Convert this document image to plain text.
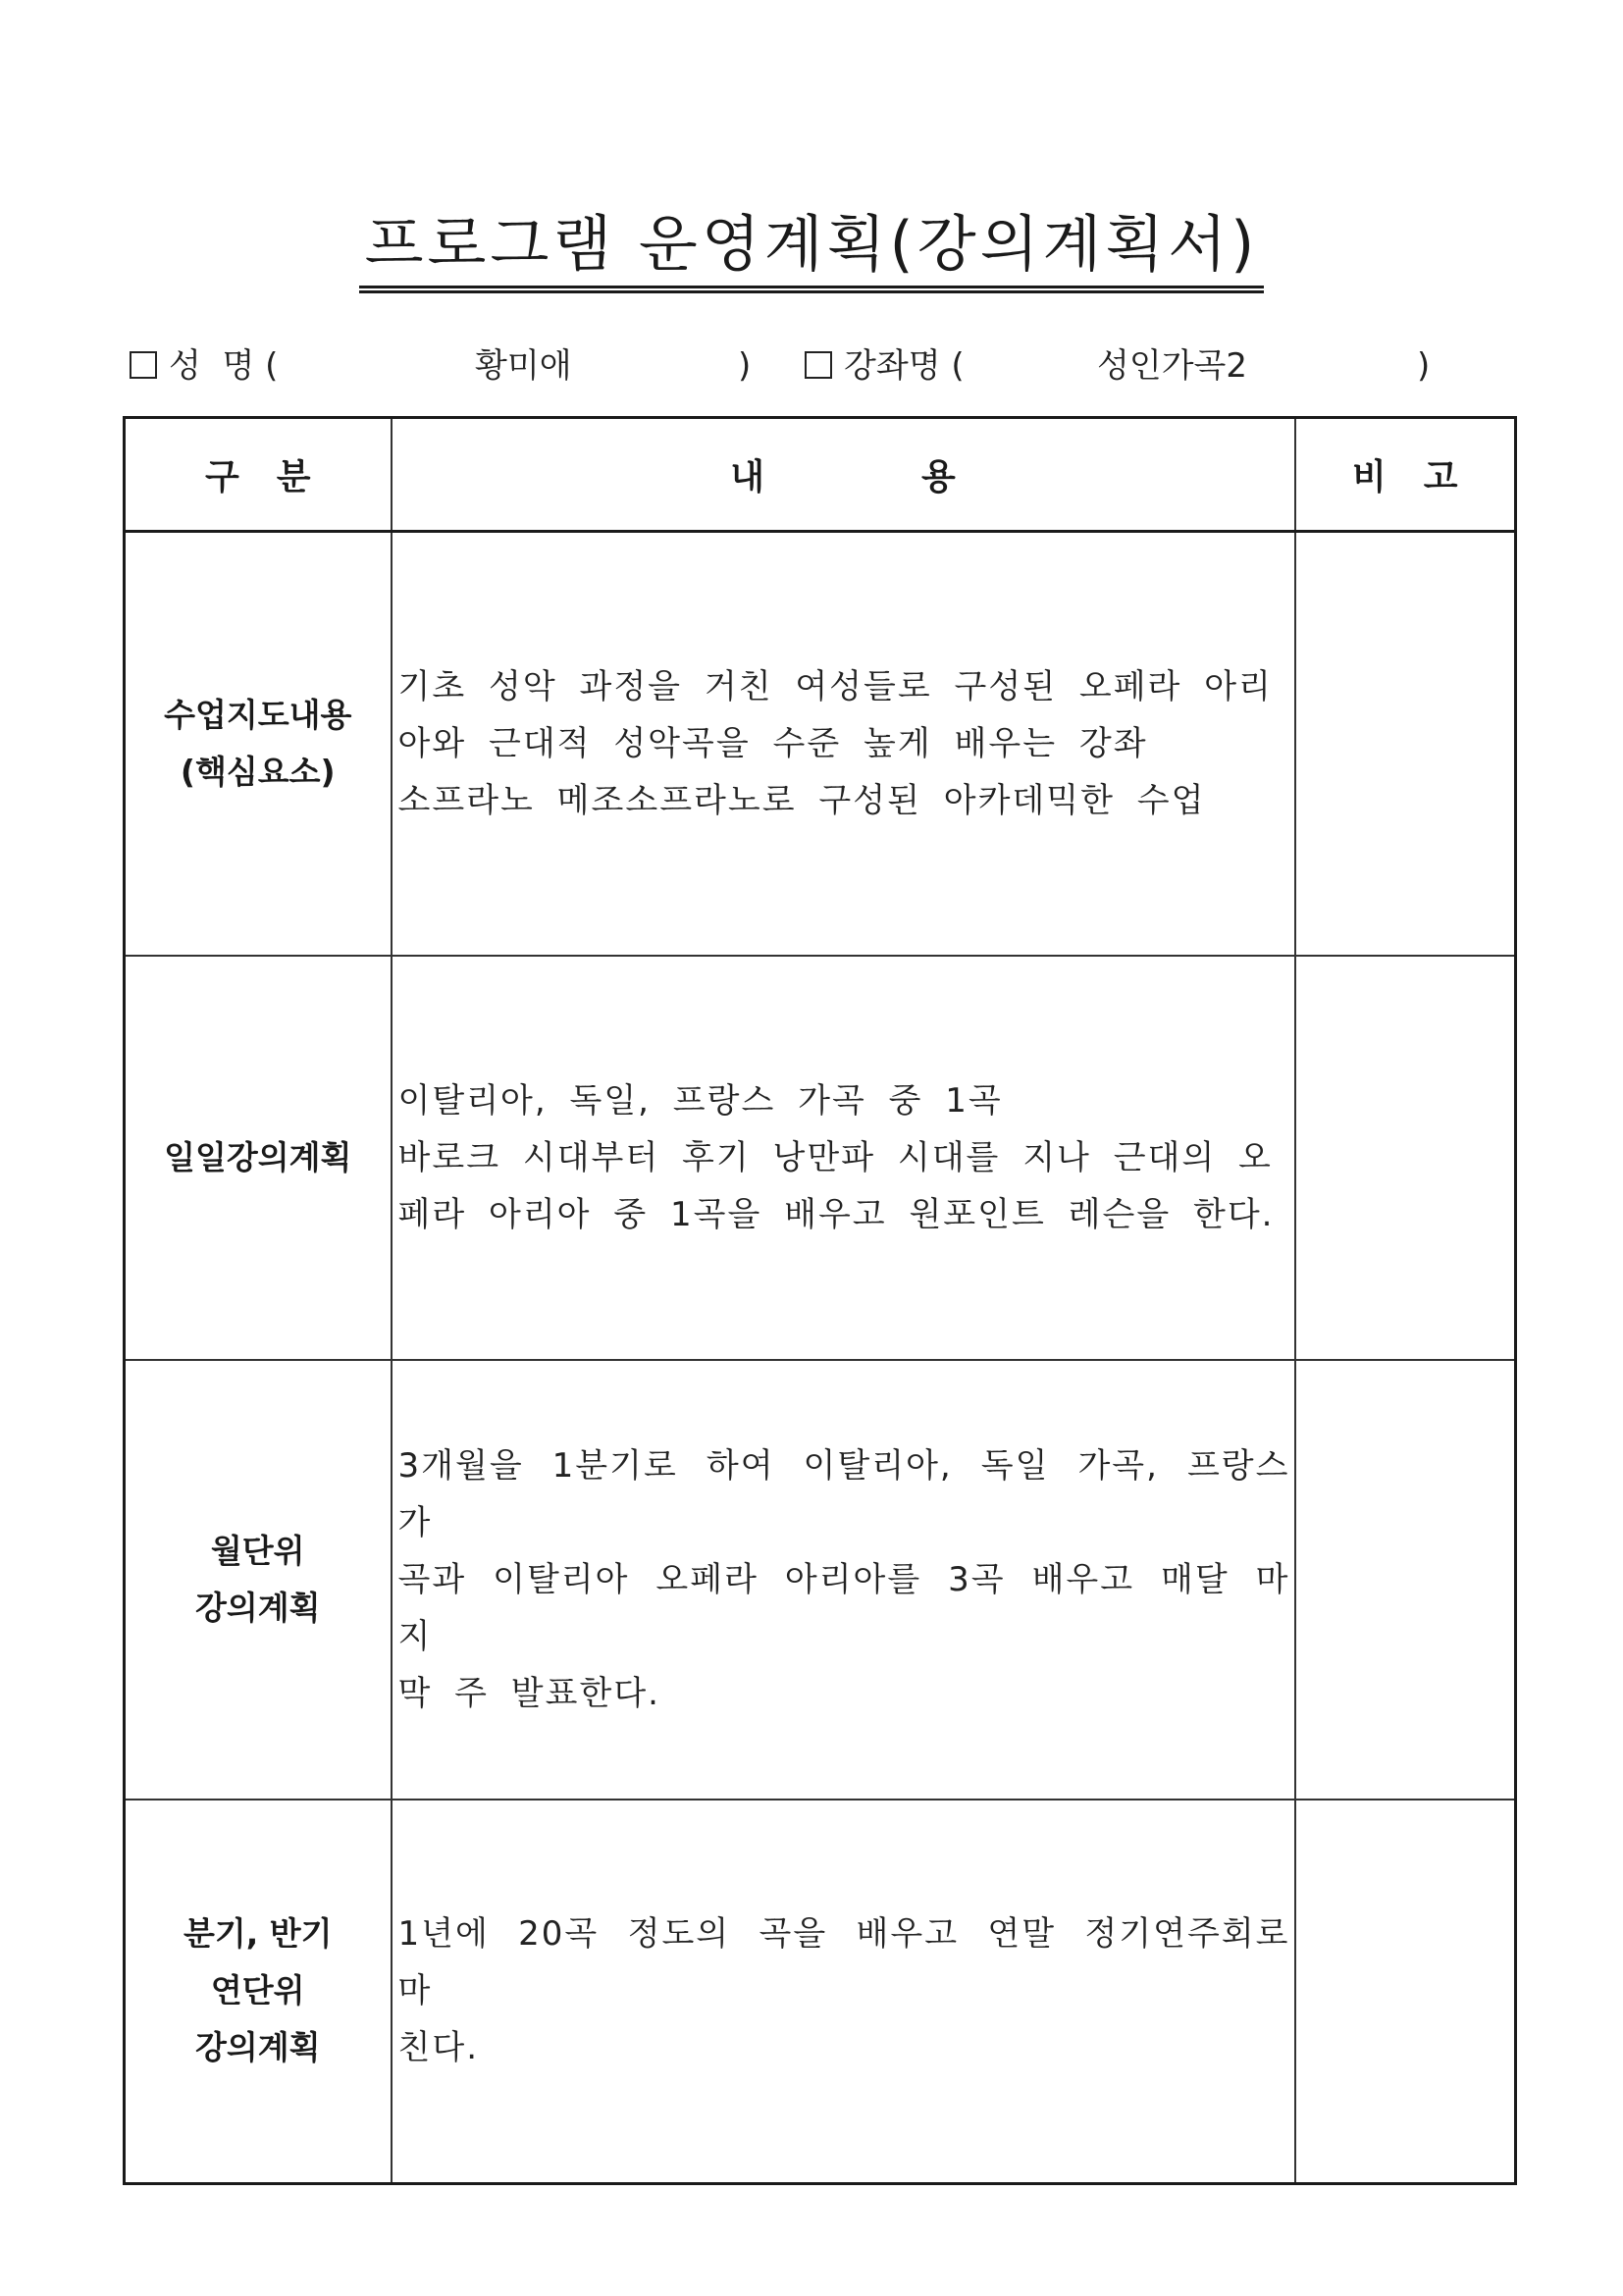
프로그램 운영계획(강의계획서)
성  명 (	황미애	)	강좌명 (	성인가곡2	)
구분	내용	비고
수업지도내용
(핵심요소)	기초 성악 과정을 거친 여성들로 구성된 오페라 아리
아와 근대적 성악곡을 수준 높게 배우는 강좌
소프라노 메조소프라노로 구성된 아카데믹한 수업	

일일강의계획	이탈리아, 독일, 프랑스 가곡 중 1곡
바로크 시대부터 후기 낭만파 시대를 지나 근대의 오
페라 아리아 중 1곡을 배우고 원포인트 레슨을 한다.	

월단위
강의계획	3개월을 1분기로 하여 이탈리아, 독일 가곡, 프랑스 가
곡과 이탈리아 오페라 아리아를 3곡 배우고 매달 마지
막 주 발표한다.	

분기, 반기
연단위
강의계획	1년에 20곡 정도의 곡을 배우고 연말 정기연주회로 마
친다.	
